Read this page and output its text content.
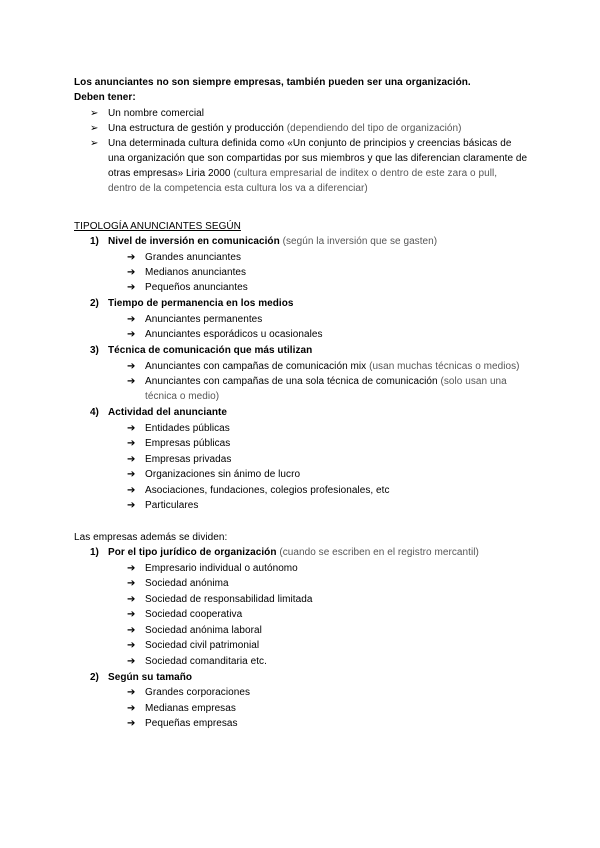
Los anunciantes no son siempre empresas, también pueden ser una organización.
Deben tener:
➢ Un nombre comercial
➢ Una estructura de gestión y producción (dependiendo del tipo de organización)
➢ Una determinada cultura definida como «Un conjunto de principios y creencias básicas de
una organización que son compartidas por sus miembros y que las diferencian claramente de
otras empresas» Liria 2000 (cultura empresarial de inditex o dentro de este zara o pull,
dentro de la competencia esta cultura los va a diferenciar)
TIPOLOGÍA ANUNCIANTES SEGÚN
1) Nivel de inversión en comunicación (según la inversión que se gasten)
➔ Grandes anunciantes
➔ Medianos anunciantes
➔ Pequeños anunciantes
2) Tiempo de permanencia en los medios
➔ Anunciantes permanentes
➔ Anunciantes esporádicos u ocasionales
3) Técnica de comunicación que más utilizan
➔ Anunciantes con campañas de comunicación mix (usan muchas técnicas o medios)
➔ Anunciantes con campañas de una sola técnica de comunicación (solo usan una
técnica o medio)
4) Actividad del anunciante
➔ Entidades públicas
➔ Empresas públicas
➔ Empresas privadas
➔ Organizaciones sin ánimo de lucro
➔ Asociaciones, fundaciones, colegios profesionales, etc
➔ Particulares
Las empresas además se dividen:
1) Por el tipo jurídico de organización (cuando se escriben en el registro mercantil)
➔ Empresario individual o autónomo
➔ Sociedad anónima
➔ Sociedad de responsabilidad limitada
➔ Sociedad cooperativa
➔ Sociedad anónima laboral
➔ Sociedad civil patrimonial
➔ Sociedad comanditaria etc.
2) Según su tamaño
➔ Grandes corporaciones
➔ Medianas empresas
➔ Pequeñas empresas
